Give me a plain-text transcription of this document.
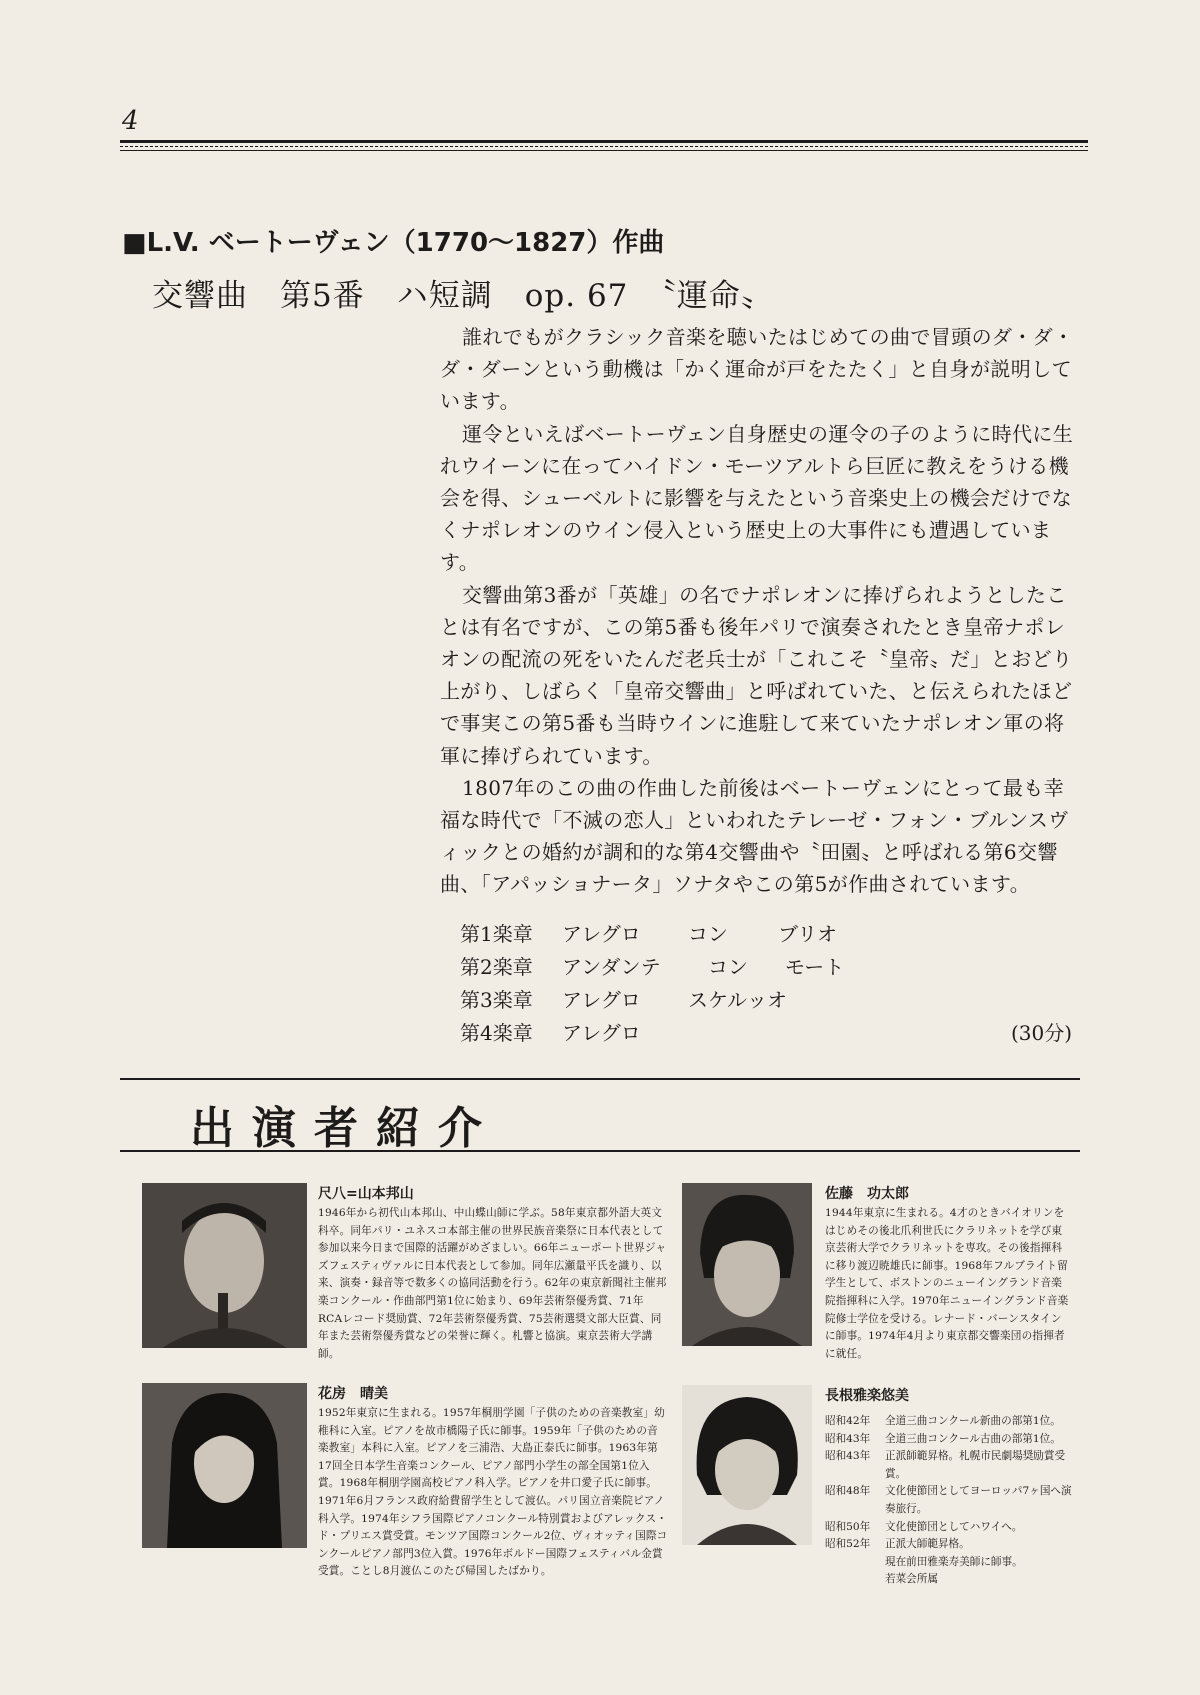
4
■L.V. ベートーヴェン（1770〜1827）作曲
交響曲　第5番　ハ短調　op. 67　〝運命〟

誰れでもがクラシック音楽を聴いたはじめての曲で冒頭のダ・ダ・ダ・ダーンという動機は「かく運命が戸をたたく」と自身が説明しています。

運令といえばベートーヴェン自身歴史の運令の子のように時代に生れウイーンに在ってハイドン・モーツアルトら巨匠に教えをうける機会を得、シューベルトに影響を与えたという音楽史上の機会だけでなくナポレオンのウイン侵入という歴史上の大事件にも遭遇しています。

交響曲第3番が「英雄」の名でナポレオンに捧げられようとしたことは有名ですが、この第5番も後年パリで演奏されたとき皇帝ナポレオンの配流の死をいたんだ老兵士が「これこそ〝皇帝〟だ」とおどり上がり、しばらく「皇帝交響曲」と呼ばれていた、と伝えられたほどで事実この第5番も当時ウインに進駐して来ていたナポレオン軍の将軍に捧げられています。

1807年のこの曲の作曲した前後はベートーヴェンにとって最も幸福な時代で「不滅の恋人」といわれたテレーゼ・フォン・ブルンスヴィックとの婚約が調和的な第4交響曲や〝田園〟と呼ばれる第6交響曲、「アパッショナータ」ソナタやこの第5が作曲されています。

第1楽章 アレグロ コン	ブリオ
第2楽章 アンダンテ コン モート
第3楽章 アレグロ スケルッオ
第4楽章 アレグロ	(30分)
出演者紹介
尺八=山本邦山
1946年から初代山本邦山、中山蝶山師に学ぶ。58年東京都外語大英文科卒。同年パリ・ユネスコ本部主催の世界民族音楽祭に日本代表として参加以来今日まで国際的活躍がめざましい。66年ニューポート世界ジャズフェスティヴァルに日本代表として参加。同年広瀬量平氏を識り、以来、演奏・録音等で数多くの協同活動を行う。62年の東京新聞社主催邦楽コンクール・作曲部門第1位に始まり、69年芸術祭優秀賞、71年RCAレコード奨励賞、72年芸術祭優秀賞、75芸術選奨文部大臣賞、同年また芸術祭優秀賞などの栄誉に輝く。札響と協演。東京芸術大学講師。
佐藤　功太郎
1944年東京に生まれる。4才のときバイオリンをはじめその後北爪利世氏にクラリネットを学び東京芸術大学でクラリネットを専攻。その後指揮科に移り渡辺暁雄氏に師事。1968年フルブライト留学生として、ボストンのニューイングランド音楽院指揮科に入学。1970年ニューイングランド音楽院修士学位を受ける。レナード・バーンスタインに師事。1974年4月より東京都交響楽団の指揮者に就任。
花房　晴美
1952年東京に生まれる。1957年桐朋学園「子供のための音楽教室」幼稚科に入室。ピアノを故市橋陽子氏に師事。1959年「子供のための音楽教室」本科に入室。ピアノを三浦浩、大島正泰氏に師事。1963年第17回全日本学生音楽コンクール、ピアノ部門小学生の部全国第1位入賞。1968年桐朋学園高校ピアノ科入学。ピアノを井口愛子氏に師事。1971年6月フランス政府給費留学生として渡仏。パリ国立音楽院ピアノ科入学。1974年シフラ国際ピアノコンクール特別賞およびアレックス・ド・プリエス賞受賞。モンツア国際コンクール2位、ヴィオッティ国際コンクールピアノ部門3位入賞。1976年ボルドー国際フェスティバル金賞受賞。ことし8月渡仏このたび帰国したばかり。
長根雅楽悠美
昭和42年	全道三曲コンクール新曲の部第1位。
昭和43年	全道三曲コンクール古曲の部第1位。
昭和43年	正派師範昇格。札幌市民劇場奨励賞受賞。
昭和48年	文化使節団としてヨーロッパ7ヶ国へ演奏旅行。
昭和50年	文化使節団としてハワイへ。
昭和52年	正派大師範昇格。
現在前田雅楽寿美師に師事。
若菜会所属
